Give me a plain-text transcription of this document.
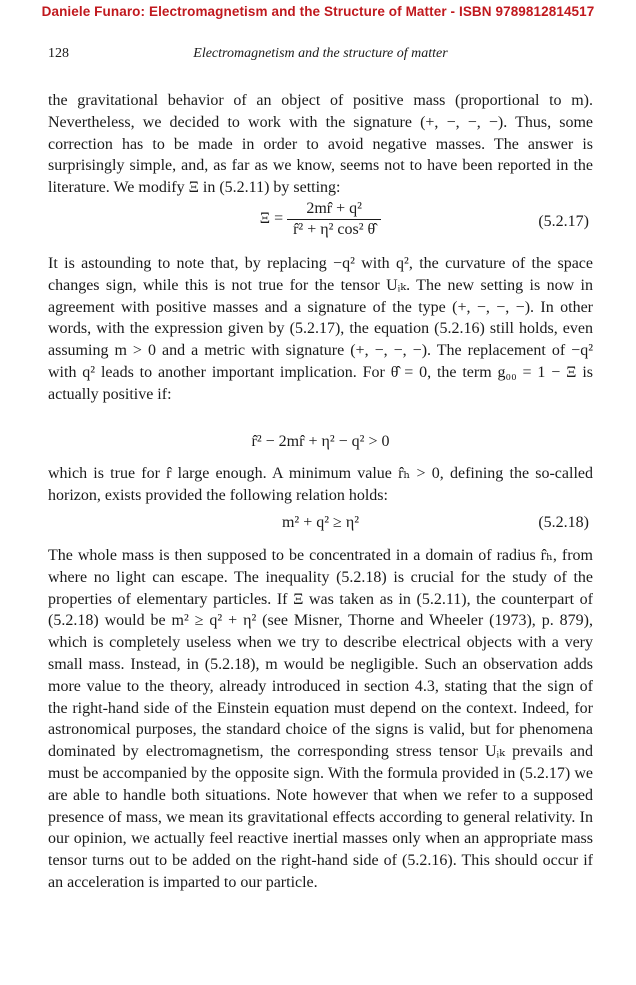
Daniele Funaro: Electromagnetism and the Structure of Matter - ISBN 9789812814517
128	Electromagnetism and the structure of matter

the gravitational behavior of an object of positive mass (proportional to m). Nevertheless, we decided to work with the signature (+, −, −, −). Thus, some correction has to be made in order to avoid negative masses. The answer is surprisingly simple, and, as far as we know, seems not to have been reported in the literature. We modify Ξ in (5.2.11) by setting:

$\Xi = \frac{\text{2mr̂ + q²}}{\text{r̂² + η² cos² θ̂}}$	(5.2.17)

It is astounding to note that, by replacing −q² with q², the curvature of the space changes sign, while this is not true for the tensor Uᵢₖ. The new setting is now in agreement with positive masses and a signature of the type (+, −, −, −). In other words, with the expression given by (5.2.17), the equation (5.2.16) still holds, even assuming m > 0 and a metric with signature (+, −, −, −). The replacement of −q² with q² leads to another important implication. For θ̂ = 0, the term g₀₀ = 1 − Ξ is actually positive if:

r̂² − 2mr̂ + η² − q² > 0

which is true for r̂ large enough. A minimum value r̂ₕ > 0, defining the so-called horizon, exists provided the following relation holds:

m² + q² ≥ η²	(5.2.18)

The whole mass is then supposed to be concentrated in a domain of radius r̂ₕ, from where no light can escape. The inequality (5.2.18) is crucial for the study of the properties of elementary particles. If Ξ was taken as in (5.2.11), the counterpart of (5.2.18) would be m² ≥ q² + η² (see Misner, Thorne and Wheeler (1973), p. 879), which is completely useless when we try to describe electrical objects with a very small mass. Instead, in (5.2.18), m would be negligible. Such an observation adds more value to the theory, already introduced in section 4.3, stating that the sign of the right-hand side of the Einstein equation must depend on the context. Indeed, for astronomical purposes, the standard choice of the signs is valid, but for phenomena dominated by electromagnetism, the corresponding stress tensor Uᵢₖ prevails and must be accompanied by the opposite sign. With the formula provided in (5.2.17) we are able to handle both situations. Note however that when we refer to a supposed presence of mass, we mean its gravitational effects according to general relativity. In our opinion, we actually feel reactive inertial masses only when an appropriate mass tensor turns out to be added on the right-hand side of (5.2.16). This should occur if an acceleration is imparted to our particle.
